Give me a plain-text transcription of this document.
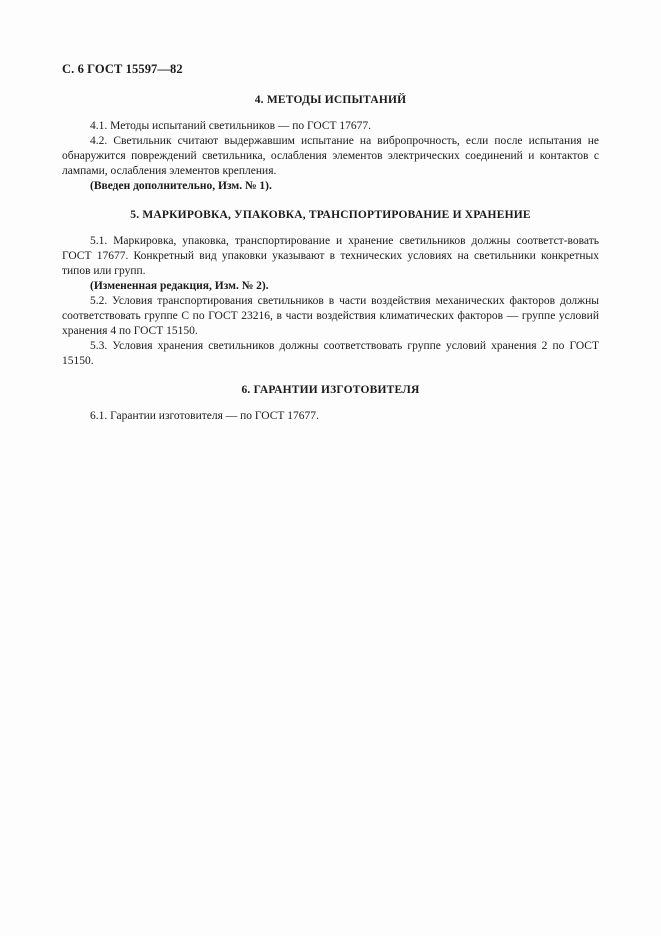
С. 6 ГОСТ 15597—82
4. МЕТОДЫ ИСПЫТАНИЙ

4.1. Методы испытаний светильников — по ГОСТ 17677.

4.2. Светильник считают выдержавшим испытание на вибропрочность, если после испытания не обнаружится повреждений светильника, ослабления элементов электрических соединений и контактов с лампами, ослабления элементов крепления.

(Введен дополнительно, Изм. № 1).

5. МАРКИРОВКА, УПАКОВКА, ТРАНСПОРТИРОВАНИЕ И ХРАНЕНИЕ

5.1. Маркировка, упаковка, транспортирование и хранение светильников должны соответст-вовать ГОСТ 17677. Конкретный вид упаковки указывают в технических условиях на светильники конкретных типов или групп.

(Измененная редакция, Изм. № 2).

5.2. Условия транспортирования светильников в части воздействия механических факторов должны соответствовать группе С по ГОСТ 23216, в части воздействия климатических факторов — группе условий хранения 4 по ГОСТ 15150.

5.3. Условия хранения светильников должны соответствовать группе условий хранения 2 по ГОСТ 15150.

6. ГАРАНТИИ ИЗГОТОВИТЕЛЯ

6.1. Гарантии изготовителя — по ГОСТ 17677.
